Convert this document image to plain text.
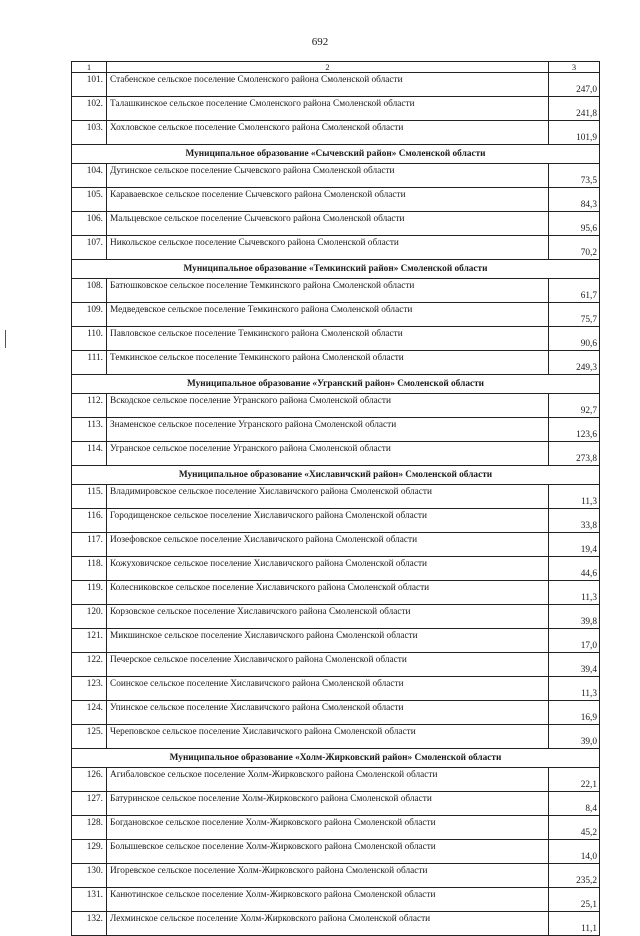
692
1	2	3
101.	Стабенское сельское поселение Смоленского района Смоленской области	247,0
102.	Талашкинское сельское поселение Смоленского района Смоленской области	241,8
103.	Хохловское сельское поселение Смоленского района Смоленской области	101,9
Муниципальное образование «Сычевский район» Смоленской области		
104.	Дугинское сельское поселение Сычевского района Смоленской области	73,5
105.	Караваевское сельское поселение Сычевского района Смоленской области	84,3
106.	Мальцевское сельское поселение Сычевского района Смоленской области	95,6
107.	Никольское сельское поселение Сычевского района Смоленской области	70,2
Муниципальное образование «Темкинский район» Смоленской области		
108.	Батюшковское сельское поселение Темкинского района Смоленской области	61,7
109.	Медведевское сельское поселение Темкинского района Смоленской области	75,7
110.	Павловское сельское поселение Темкинского района Смоленской области	90,6
111.	Темкинское сельское поселение Темкинского района Смоленской области	249,3
Муниципальное образование «Угранский район» Смоленской области		
112.	Вскодское сельское поселение Угранского района Смоленской области	92,7
113.	Знаменское сельское поселение Угранского района Смоленской области	123,6
114.	Угранское сельское поселение Угранского района Смоленской области	273,8
Муниципальное образование «Хиславичский район» Смоленской области		
115.	Владимировское сельское поселение Хиславичского района Смоленской области	11,3
116.	Городищенское сельское поселение Хиславичского района Смоленской области	33,8
117.	Иозефовское сельское поселение Хиславичского района Смоленской области	19,4
118.	Кожуховичское сельское поселение Хиславичского района Смоленской области	44,6
119.	Колесниковское сельское поселение Хиславичского района Смоленской области	11,3
120.	Корзовское сельское поселение Хиславичского района Смоленской области	39,8
121.	Микшинское сельское поселение Хиславичского района Смоленской области	17,0
122.	Печерское сельское поселение Хиславичского района Смоленской области	39,4
123.	Соинское сельское поселение Хиславичского района Смоленской области	11,3
124.	Упинское сельское поселение Хиславичского района Смоленской области	16,9
125.	Череповское сельское поселение Хиславичского района Смоленской области	39,0
Муниципальное образование «Холм-Жирковский район» Смоленской области		
126.	Агибаловское сельское поселение Холм-Жирковского района Смоленской области	22,1
127.	Батуринское сельское поселение Холм-Жирковского района Смоленской области	8,4
128.	Богдановское сельское поселение Холм-Жирковского района Смоленской области	45,2
129.	Болышевское сельское поселение Холм-Жирковского района Смоленской области	14,0
130.	Игоревское сельское поселение Холм-Жирковского района Смоленской области	235,2
131.	Канютинское сельское поселение Холм-Жирковского района Смоленской области	25,1
132.	Лехминское сельское поселение Холм-Жирковского района Смоленской области	11,1
